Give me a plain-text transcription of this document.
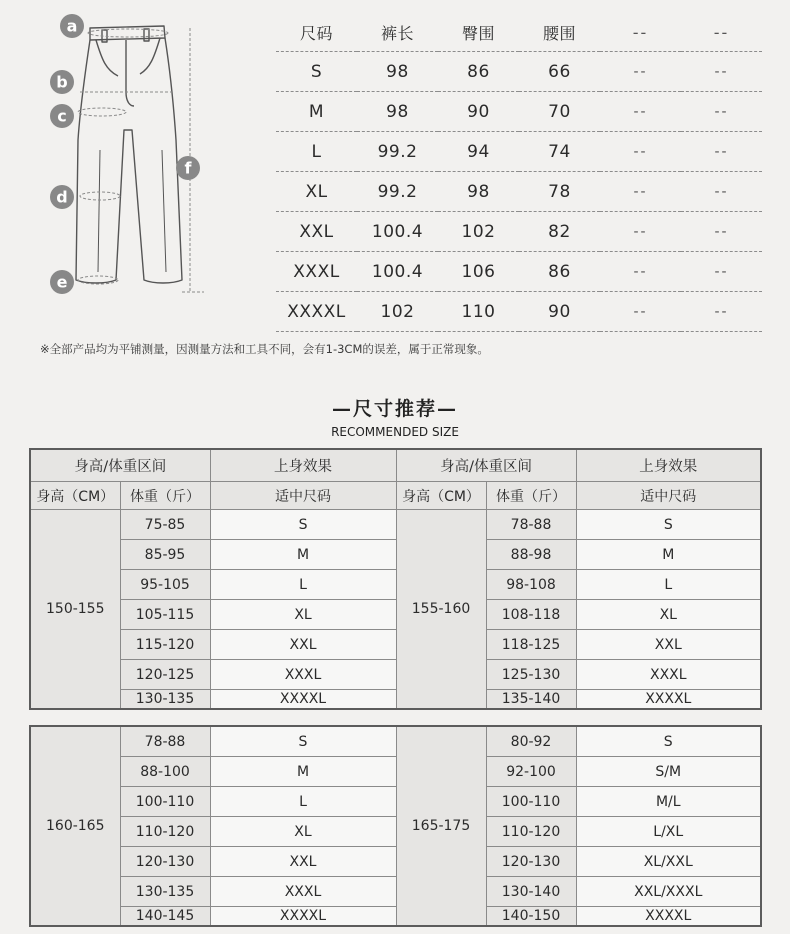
a
b
c
d
e
f
尺码	裤长	臀围	腰围	--	--
S	98	86	66	--	--
M	98	90	70	--	--
L	99.2	94	74	--	--
XL	99.2	98	78	--	--
XXL	100.4	102	82	--	--
XXXL	100.4	106	86	--	--
XXXXL	102	110	90	--	--
※全部产品均为平铺测量，因测量方法和工具不同，会有1-3CM的误差，属于正常现象。
—尺寸推荐—
RECOMMENDED SIZE
身高/体重区间		上身效果	身高/体重区间		上身效果
身高（CM）	体重（斤）	适中尺码	身高（CM）	体重（斤）	适中尺码
150-155	75-85	S	155-160	78-88	S
	85-95	M		88-98	M
	95-105	L		98-108	L
	105-115	XL		108-118	XL
	115-120	XXL		118-125	XXL
	120-125	XXXL		125-130	XXXL
	130-135	XXXXL		135-140	XXXXL
160-165	78-88	S	165-175	80-92	S
	88-100	M		92-100	S/M
	100-110	L		100-110	M/L
	110-120	XL		110-120	L/XL
	120-130	XXL		120-130	XL/XXL
	130-135	XXXL		130-140	XXL/XXXL
	140-145	XXXXL		140-150	XXXXL
